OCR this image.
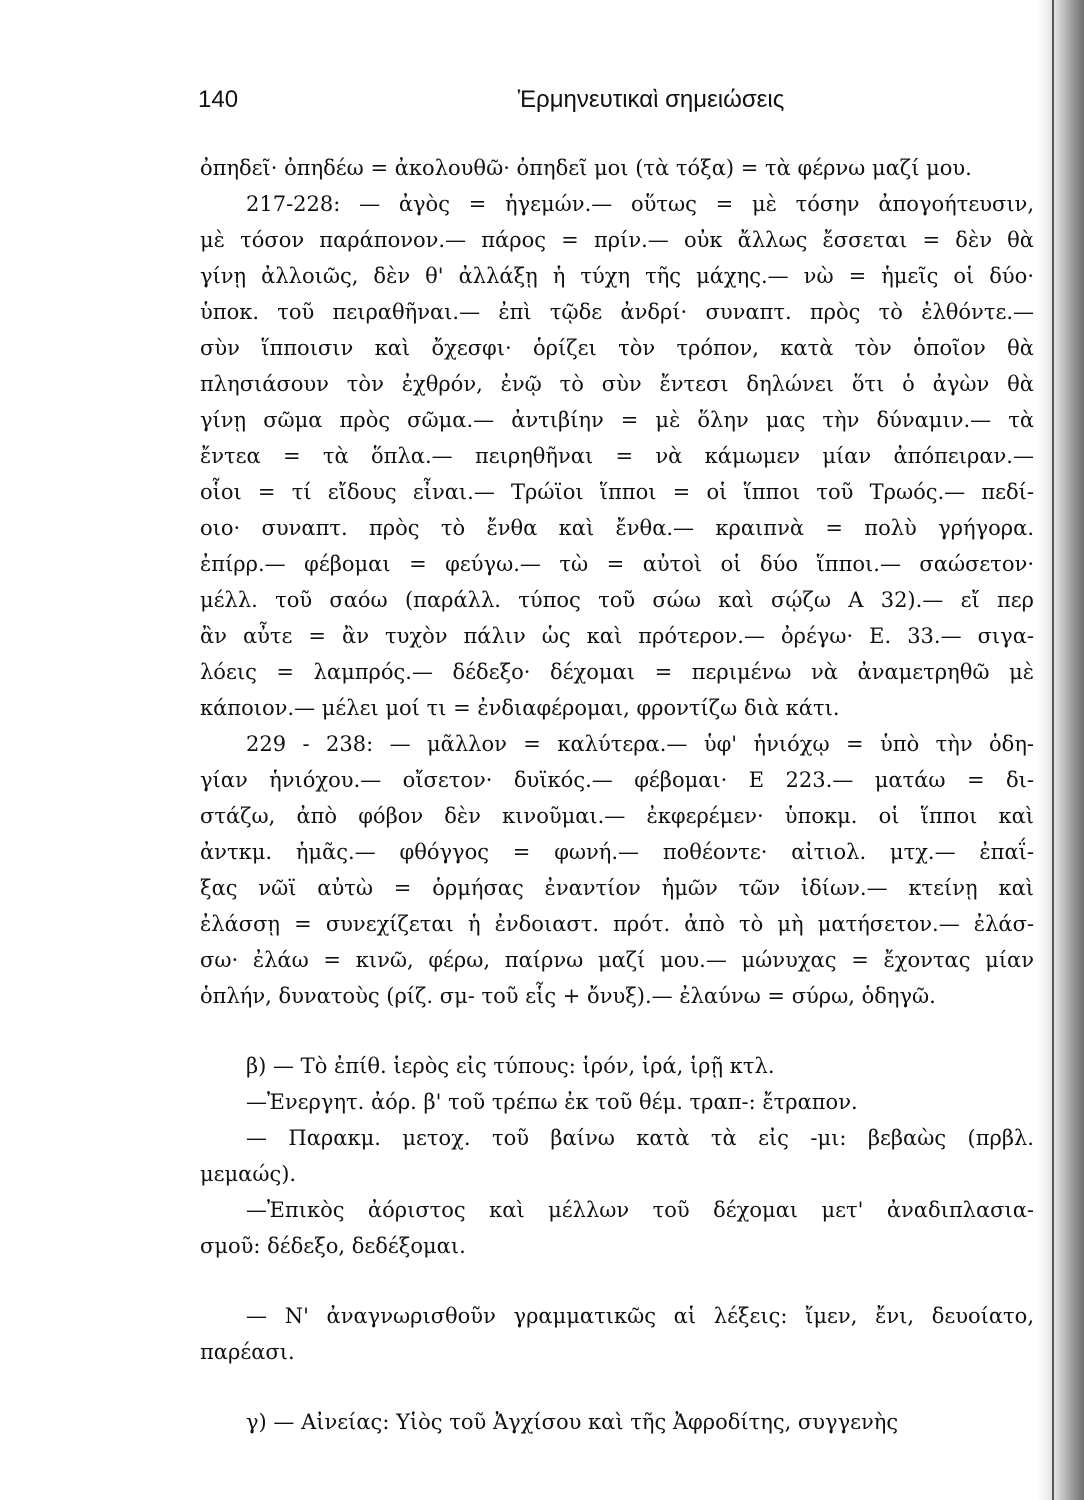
140	Ἑρμηνευτικαὶ σημειώσεις
ὀπηδεῖ· ὀπηδέω = ἀκολουθῶ· ὀπηδεῖ μοι (τὰ τόξα) = τὰ φέρνω μαζί μου.
217-228: — ἀγὸς = ἡγεμών.— οὕτως = μὲ τόσην ἀπογοήτευσιν,
μὲ τόσον παράπονον.— πάρος = πρίν.— οὐκ ἄλλως ἔσσεται = δὲν θὰ
γίνῃ ἀλλοιῶς, δὲν θ' ἀλλάξῃ ἡ τύχη τῆς μάχης.— νὼ = ἡμεῖς οἱ δύο·
ὑποκ. τοῦ πειραθῆναι.— ἐπὶ τῷδε ἀνδρί· συναπτ. πρὸς τὸ ἐλθόντε.—
σὺν ἵπποισιν καὶ ὄχεσφι· ὁρίζει τὸν τρόπον, κατὰ τὸν ὁποῖον θὰ
πλησιάσουν τὸν ἐχθρόν, ἐνῷ τὸ σὺν ἔντεσι δηλώνει ὅτι ὁ ἀγὼν θὰ
γίνῃ σῶμα πρὸς σῶμα.— ἀντιβίην = μὲ ὅλην μας τὴν δύναμιν.— τὰ
ἔντεα = τὰ ὅπλα.— πειρηθῆναι = νὰ κάμωμεν μίαν ἀπόπειραν.—
οἷοι = τί εἴδους εἶναι.— Τρώϊοι ἵπποι = οἱ ἵπποι τοῦ Τρωός.— πεδί-
οιο· συναπτ. πρὸς τὸ ἔνθα καὶ ἔνθα.— κραιπνὰ = πολὺ γρήγορα.
ἐπίρρ.— φέβομαι = φεύγω.— τὼ = αὐτοὶ οἱ δύο ἵπποι.— σαώσετον·
μέλλ. τοῦ σαόω (παράλλ. τύπος τοῦ σώω καὶ σῴζω Α 32).— εἴ περ
ἂν αὖτε = ἂν τυχὸν πάλιν ὡς καὶ πρότερον.— ὀρέγω· Ε. 33.— σιγα-
λόεις = λαμπρός.— δέδεξο· δέχομαι = περιμένω νὰ ἀναμετρηθῶ μὲ
κάποιον.— μέλει μοί τι = ἐνδιαφέρομαι, φροντίζω διὰ κάτι.
229 - 238: — μᾶλλον = καλύτερα.— ὑφ' ἡνιόχῳ = ὑπὸ τὴν ὁδη-
γίαν ἡνιόχου.— οἴσετον· δυϊκός.— φέβομαι· Ε 223.— ματάω = δι-
στάζω, ἀπὸ φόβον δὲν κινοῦμαι.— ἐκφερέμεν· ὑποκμ. οἱ ἵπποι καὶ
ἀντκμ. ἡμᾶς.— φθόγγος = φωνή.— ποθέοντε· αἰτιολ. μτχ.— ἐπαΐ-
ξας νῶϊ αὐτὼ = ὁρμήσας ἐναντίον ἡμῶν τῶν ἰδίων.— κτείνῃ καὶ
ἐλάσσῃ = συνεχίζεται ἡ ἐνδοιαστ. πρότ. ἀπὸ τὸ μὴ ματήσετον.— ἐλάσ-
σω· ἐλάω = κινῶ, φέρω, παίρνω μαζί μου.— μώνυχας = ἔχοντας μίαν
ὁπλήν, δυνατοὺς (ρίζ. σμ- τοῦ εἷς + ὄνυξ).— ἐλαύνω = σύρω, ὁδηγῶ.
β) — Τὸ ἐπίθ. ἱερὸς εἰς τύπους: ἱρόν, ἱρά, ἱρῇ κτλ.
—Ἐνεργητ. ἀόρ. β' τοῦ τρέπω ἐκ τοῦ θέμ. τραπ-: ἔτραπον.
— Παρακμ. μετοχ. τοῦ βαίνω κατὰ τὰ εἰς -μι: βεβαὼς (πρβλ.
μεμαώς).
—Ἐπικὸς ἀόριστος καὶ μέλλων τοῦ δέχομαι μετ' ἀναδιπλασια-
σμοῦ: δέδεξο, δεδέξομαι.
— Ν' ἀναγνωρισθοῦν γραμματικῶς αἱ λέξεις: ἴμεν, ἔνι, δευοίατο,
παρέασι.
γ) — Αἰνείας: Υἱὸς τοῦ Ἀγχίσου καὶ τῆς Ἀφροδίτης, συγγενὴς
